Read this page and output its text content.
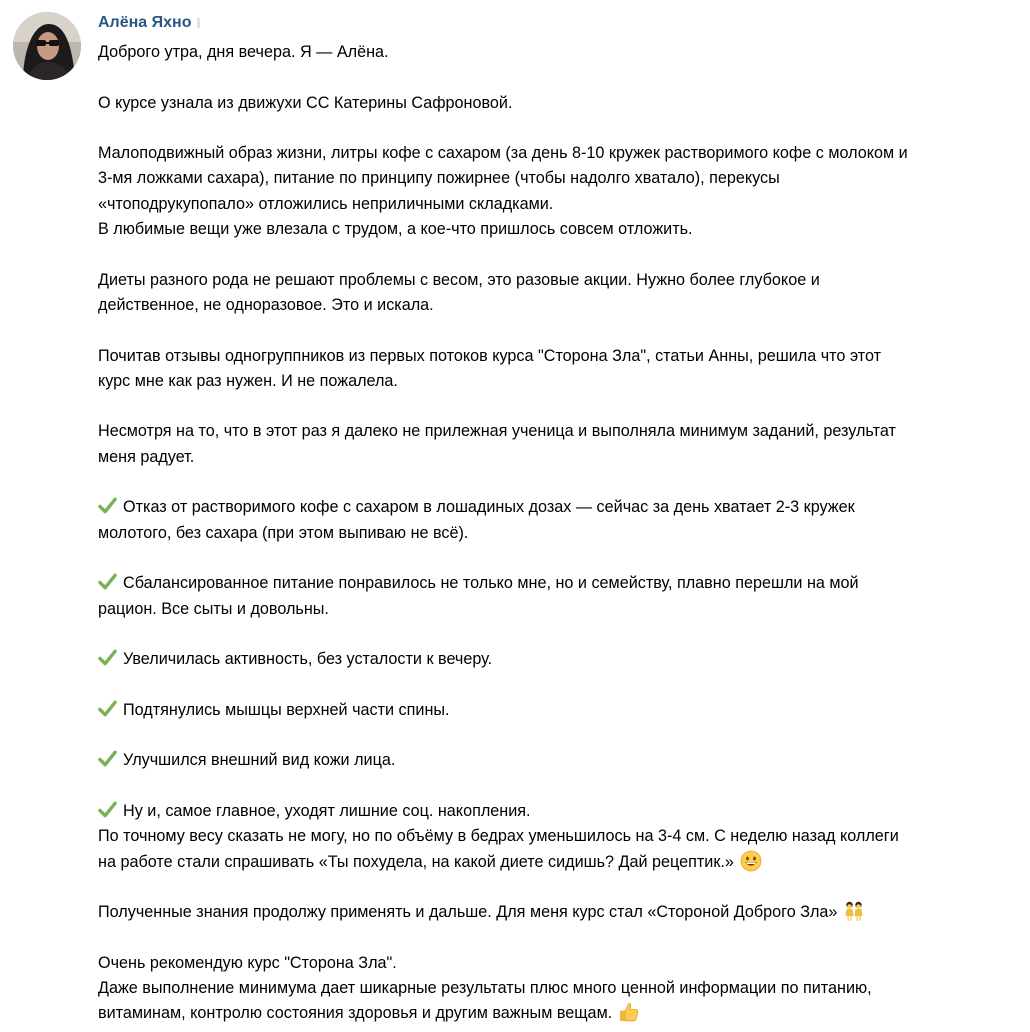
Алёна Яхно

Доброго утра, дня вечера. Я — Алёна.

О курсе узнала из движухи СС Катерины Сафроновой.

Малоподвижный образ жизни, литры кофе с сахаром (за день 8-10 кружек растворимого кофе с молоком и

3-мя ложками сахара), питание по принципу пожирнее (чтобы надолго хватало), перекусы

«чтоподрукупопало» отложились неприличными складками.

В любимые вещи уже влезала с трудом, а кое-что пришлось совсем отложить.

Диеты разного рода не решают проблемы с весом, это разовые акции. Нужно более глубокое и

действенное, не одноразовое. Это и искала.

Почитав отзывы одногруппников из первых потоков курса "Сторона Зла", статьи Анны, решила что этот

курс мне как раз нужен. И не пожалела.

Несмотря на то, что в этот раз я далеко не прилежная ученица и выполняла минимум заданий, результат

меня радует.

Отказ от растворимого кофе с сахаром в лошадиных дозах — сейчас за день хватает 2-3 кружек

молотого, без сахара (при этом выпиваю не всё).

Сбалансированное питание понравилось не только мне, но и семейству, плавно перешли на мой

рацион. Все сыты и довольны.

Увеличилась активность, без усталости к вечеру.

Подтянулись мышцы верхней части спины.

Улучшился внешний вид кожи лица.

Ну и, самое главное, уходят лишние соц. накопления.

По точному весу сказать не могу, но по объёму в бедрах уменьшилось на 3-4 см. С неделю назад коллеги

на работе стали спрашивать «Ты похудела, на какой диете сидишь? Дай рецептик.»

Полученные знания продолжу применять и дальше. Для меня курс стал «Стороной Доброго Зла»

Очень рекомендую курс "Сторона Зла".

Даже выполнение минимума дает шикарные результаты плюс много ценной информации по питанию,

витаминам, контролю состояния здоровья и другим важным вещам.
